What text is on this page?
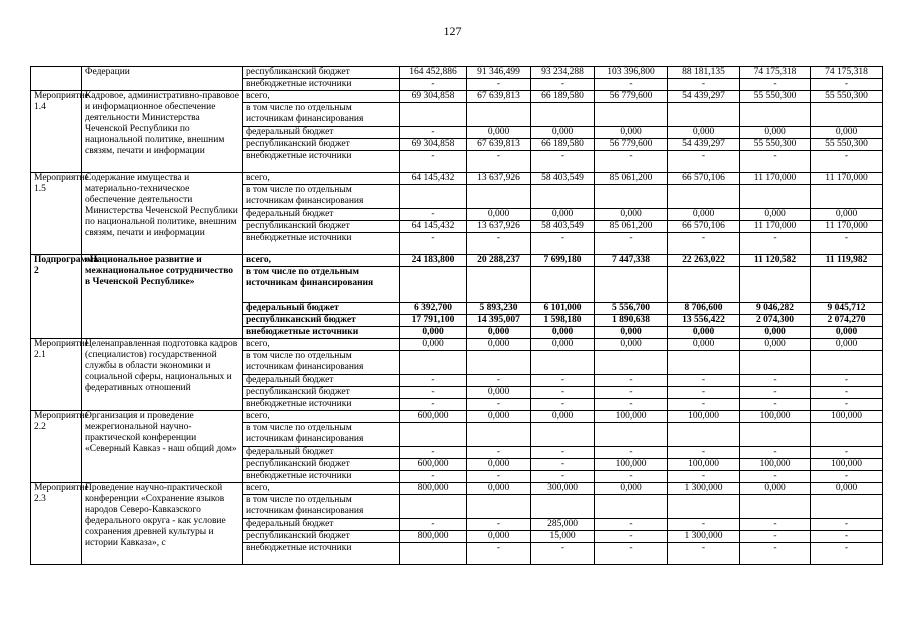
127
	Федерации	республиканский бюджет	164 452,886	91 346,499	93 234,288	103 396,800	88 181,135	74 175,318	74 175,318
		внебюджетные источники	-	-	-	-	-	-	-
Мероприятие 1.4	Кадровое, административно-правовое и информационное обеспечение деятельности Министерства Чеченской Республики по национальной политике, внешним связям, печати и информации	всего,	69 304,858	67 639,813	66 189,580	56 779,600	54 439,297	55 550,300	55 550,300
		в том числе по отдельным источникам финансирования							
		федеральный бюджет	-	0,000	0,000	0,000	0,000	0,000	0,000
		республиканский бюджет	69 304,858	67 639,813	66 189,580	56 779,600	54 439,297	55 550,300	55 550,300
		внебюджетные источники	-	-	-	-	-	-	-
Мероприятие 1.5	Содержание имущества и материально-техническое обеспечение деятельности Министерства Чеченской Республики по национальной политике, внешним связям, печати и информации	всего,	64 145,432	13 637,926	58 403,549	85 061,200	66 570,106	11 170,000	11 170,000
		в том числе по отдельным источникам финансирования							
		федеральный бюджет	-	0,000	0,000	0,000	0,000	0,000	0,000
		республиканский бюджет	64 145,432	13 637,926	58 403,549	85 061,200	66 570,106	11 170,000	11 170,000
		внебюджетные источники	-	-	-	-	-	-	-
Подпрограмма 2	«Национальное развитие и межнациональное сотрудничество в Чеченской Республике»	всего,	24 183,800	20 288,237	7 699,180	7 447,338	22 263,022	11 120,582	11 119,982
		в том числе по отдельным источникам финансирования							
		федеральный бюджет	6 392,700	5 893,230	6 101,000	5 556,700	8 706,600	9 046,282	9 045,712
		республиканский бюджет	17 791,100	14 395,007	1 598,180	1 890,638	13 556,422	2 074,300	2 074,270
		внебюджетные источники	0,000	0,000	0,000	0,000	0,000	0,000	0,000
Мероприятие 2.1	Целенаправленная подготовка кадров (специалистов) государственной службы в области экономики и социальной сферы, национальных и федеративных отношений	всего,	0,000	0,000	0,000	0,000	0,000	0,000	0,000
		в том числе по отдельным источникам финансирования							
		федеральный бюджет	-	-	-	-	-	-	-
		республиканский бюджет	-	0,000	-	-	-	-	-
		внебюджетные источники	-	-	-	-	-	-	-
Мероприятие 2.2	Организация и проведение межрегиональной научно-практической конференции «Северный Кавказ - наш общий дом»	всего,	600,000	0,000	0,000	100,000	100,000	100,000	100,000
		в том числе по отдельным источникам финансирования							
		федеральный бюджет	-	-	-	-	-	-	-
		республиканский бюджет	600,000	0,000	-	100,000	100,000	100,000	100,000
		внебюджетные источники	-	-	-	-	-	-	-
Мероприятие 2.3	Проведение научно-практической конференции «Сохранение языков народов Северо-Кавказского федерального округа - как условие сохранения древней культуры и истории Кавказа», с	всего,	800,000	0,000	300,000	0,000	1 300,000	0,000	0,000
		в том числе по отдельным источникам финансирования							
		федеральный бюджет	-	-	285,000	-	-	-	-
		республиканский бюджет	800,000	0,000	15,000	-	1 300,000	-	-
		внебюджетные источники		-	-	-	-	-	-
